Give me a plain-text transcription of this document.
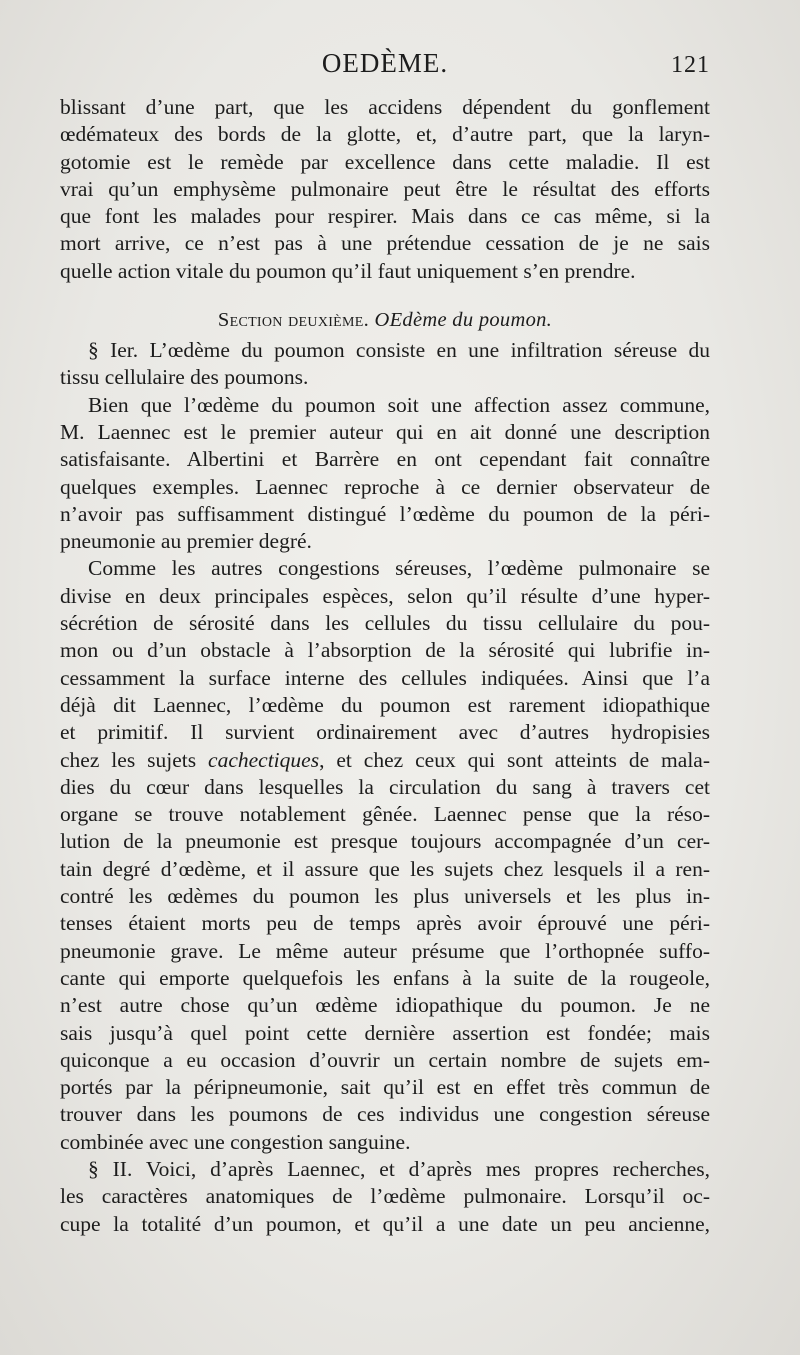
OEDÈME.	121
blissant d’une part, que les accidens dépendent du gonflement
œdémateux des bords de la glotte, et, d’autre part, que la laryn-
gotomie est le remède par excellence dans cette maladie. Il est
vrai qu’un emphysème pulmonaire peut être le résultat des efforts
que font les malades pour respirer. Mais dans ce cas même, si la
mort arrive, ce n’est pas à une prétendue cessation de je ne sais
quelle action vitale du poumon qu’il faut uniquement s’en prendre.
Section deuxième. OEdème du poumon.
§ Ier. L’œdème du poumon consiste en une infiltration séreuse du
tissu cellulaire des poumons.
Bien que l’œdème du poumon soit une affection assez commune,
M. Laennec est le premier auteur qui en ait donné une description
satisfaisante. Albertini et Barrère en ont cependant fait connaître
quelques exemples. Laennec reproche à ce dernier observateur de
n’avoir pas suffisamment distingué l’œdème du poumon de la péri-
pneumonie au premier degré.
Comme les autres congestions séreuses, l’œdème pulmonaire se
divise en deux principales espèces, selon qu’il résulte d’une hyper-
sécrétion de sérosité dans les cellules du tissu cellulaire du pou-
mon ou d’un obstacle à l’absorption de la sérosité qui lubrifie in-
cessamment la surface interne des cellules indiquées. Ainsi que l’a
déjà dit Laennec, l’œdème du poumon est rarement idiopathique
et primitif. Il survient ordinairement avec d’autres hydropisies
chez les sujets cachectiques, et chez ceux qui sont atteints de mala-
dies du cœur dans lesquelles la circulation du sang à travers cet
organe se trouve notablement gênée. Laennec pense que la réso-
lution de la pneumonie est presque toujours accompagnée d’un cer-
tain degré d’œdème, et il assure que les sujets chez lesquels il a ren-
contré les œdèmes du poumon les plus universels et les plus in-
tenses étaient morts peu de temps après avoir éprouvé une péri-
pneumonie grave. Le même auteur présume que l’orthopnée suffo-
cante qui emporte quelquefois les enfans à la suite de la rougeole,
n’est autre chose qu’un œdème idiopathique du poumon. Je ne
sais jusqu’à quel point cette dernière assertion est fondée; mais
quiconque a eu occasion d’ouvrir un certain nombre de sujets em-
portés par la péripneumonie, sait qu’il est en effet très commun de
trouver dans les poumons de ces individus une congestion séreuse
combinée avec une congestion sanguine.
§ II. Voici, d’après Laennec, et d’après mes propres recherches,
les caractères anatomiques de l’œdème pulmonaire. Lorsqu’il oc-
cupe la totalité d’un poumon, et qu’il a une date un peu ancienne,
